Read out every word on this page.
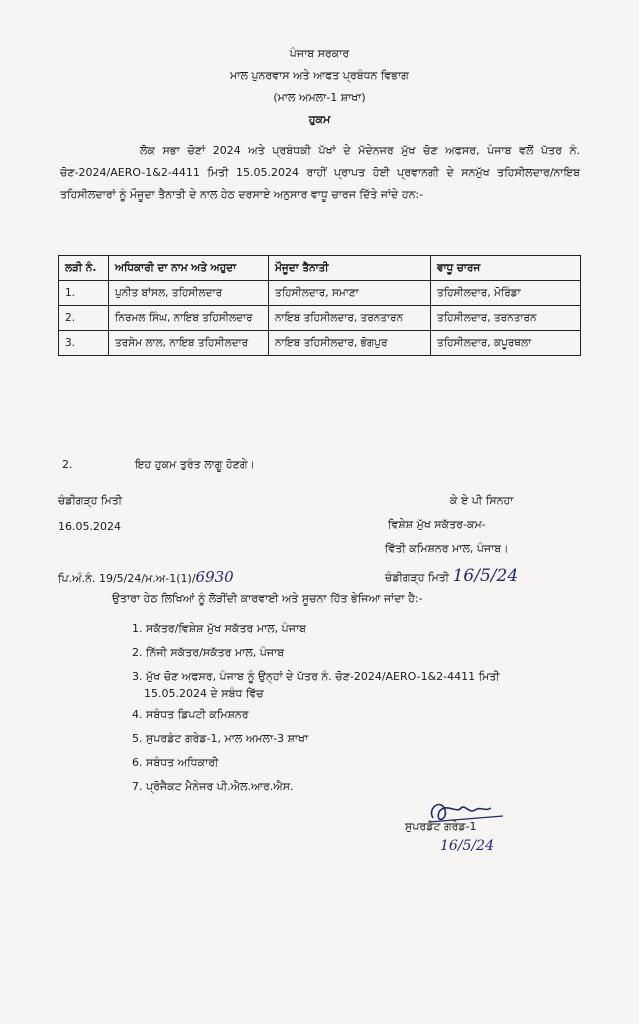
ਪੰਜਾਬ ਸਰਕਾਰ
ਮਾਲ ਪੁਨਰਵਾਸ ਅਤੇ ਆਫਤ ਪ੍ਰਬੰਧਨ ਵਿਭਾਗ
(ਮਾਲ ਅਮਲਾ-1 ਸ਼ਾਖਾ)
ਹੁਕਮ
ਲੋਕ ਸਭਾ ਚੋਣਾਂ 2024 ਅਤੇ ਪ੍ਰਬੰਧਕੀ ਪੱਖਾਂ ਦੇ ਮੱਦੇਨਜਰ ਮੁੱਖ ਚੋਣ ਅਫਸਰ, ਪੰਜਾਬ ਵਲੋਂ ਪੱਤਰ ਨੰ. ਚੋਣ-2024/AERO-1&2-4411 ਮਿਤੀ 15.05.2024 ਰਾਹੀਂ ਪ੍ਰਾਪਤ ਹੋਈ ਪ੍ਰਵਾਨਗੀ ਦੇ ਸਨਮੁੱਖ ਤਹਿਸੀਲਦਾਰ/ਨਾਇਬ ਤਹਿਸੀਲਦਾਰਾਂ ਨੂੰ ਮੌਜੂਦਾ ਤੈਨਾਤੀ ਦੇ ਨਾਲ ਹੇਠ ਦਰਸਾਏ ਅਨੁਸਾਰ ਵਾਧੂ ਚਾਰਜ ਦਿੱਤੇ ਜਾਂਦੇ ਹਨ:-
ਲੜੀ ਨੰ.	ਅਧਿਕਾਰੀ ਦਾ ਨਾਮ ਅਤੇ ਅਹੁਦਾ	ਮੌਜੂਦਾ ਤੈਨਾਤੀ	ਵਾਧੂ ਚਾਰਜ
1.	ਪੁਨੀਤ ਬਾਂਸਲ, ਤਹਿਸੀਲਦਾਰ	ਤਹਿਸੀਲਦਾਰ, ਸਮਾਣਾ	ਤਹਿਸੀਲਦਾਰ, ਮੋਰਿੰਡਾ
2.	ਨਿਰਮਲ ਸਿੰਘ, ਨਾਇਬ ਤਹਿਸੀਲਦਾਰ	ਨਾਇਬ ਤਹਿਸੀਲਦਾਰ, ਤਰਨਤਾਰਨ	ਤਹਿਸੀਲਦਾਰ, ਤਰਨਤਾਰਨ
3.	ਤਰਸੇਮ ਲਾਲ, ਨਾਇਬ ਤਹਿਸੀਲਦਾਰ	ਨਾਇਬ ਤਹਿਸੀਲਦਾਰ, ਭੋਗਪੁਰ	ਤਹਿਸੀਲਦਾਰ, ਕਪੂਰਥਲਾ
2.	ਇਹ ਹੁਕਮ ਤੁਰੰਤ ਲਾਗੂ ਹੋਣਗੇ।
ਚੰਡੀਗੜ੍ਹ ਮਿਤੀ
16.05.2024
ਕੇ ਏ ਪੀ ਸਿਨਹਾ
ਵਿਸ਼ੇਸ਼ ਮੁੱਖ ਸਕੱਤਰ-ਕਮ-
ਵਿੱਤੀ ਕਮਿਸ਼ਨਰ ਮਾਲ, ਪੰਜਾਬ।
ਪਿ.ਅੰ.ਨੰ. 19/5/24/ਮ.ਅ-1(1)/6930	ਚੰਡੀਗੜ੍ਹ ਮਿਤੀ 16/5/24
ਉਤਾਰਾ ਹੇਠ ਲਿਖਿਆਂ ਨੂੰ ਲੋੜੀਂਦੀ ਕਾਰਵਾਈ ਅਤੇ ਸੂਚਨਾ ਹਿੱਤ ਭੇਜਿਆ ਜਾਂਦਾ ਹੈ:-
1. ਸਕੱਤਰ/ਵਿਸ਼ੇਸ਼ ਮੁੱਖ ਸਕੱਤਰ ਮਾਲ, ਪੰਜਾਬ
2. ਨਿੱਜੀ ਸਕੱਤਰ/ਸਕੱਤਰ ਮਾਲ, ਪੰਜਾਬ
3. ਮੁੱਖ ਚੋਣ ਅਫਸਰ, ਪੰਜਾਬ ਨੂੰ ਉਨ੍ਹਾਂ ਦੇ ਪੱਤਰ ਨੰ. ਚੋਣ-2024/AERO-1&2-4411 ਮਿਤੀ
15.05.2024 ਦੇ ਸਬੰਧ ਵਿੱਚ
4. ਸਬੰਧਤ ਡਿਪਟੀ ਕਮਿਸ਼ਨਰ
5. ਸੁਪਰਡੰਟ ਗਰੇਡ-1, ਮਾਲ ਅਮਲਾ-3 ਸ਼ਾਖਾ
6. ਸਬੰਧਤ ਅਧਿਕਾਰੀ
7. ਪ੍ਰੋਜੈਕਟ ਮੈਨੇਜਰ ਪੀ.ਐਲ.ਆਰ.ਐਸ.
ਸੁਪਰਡੰਟ ਗਰੇਡ-1
16/5/24
